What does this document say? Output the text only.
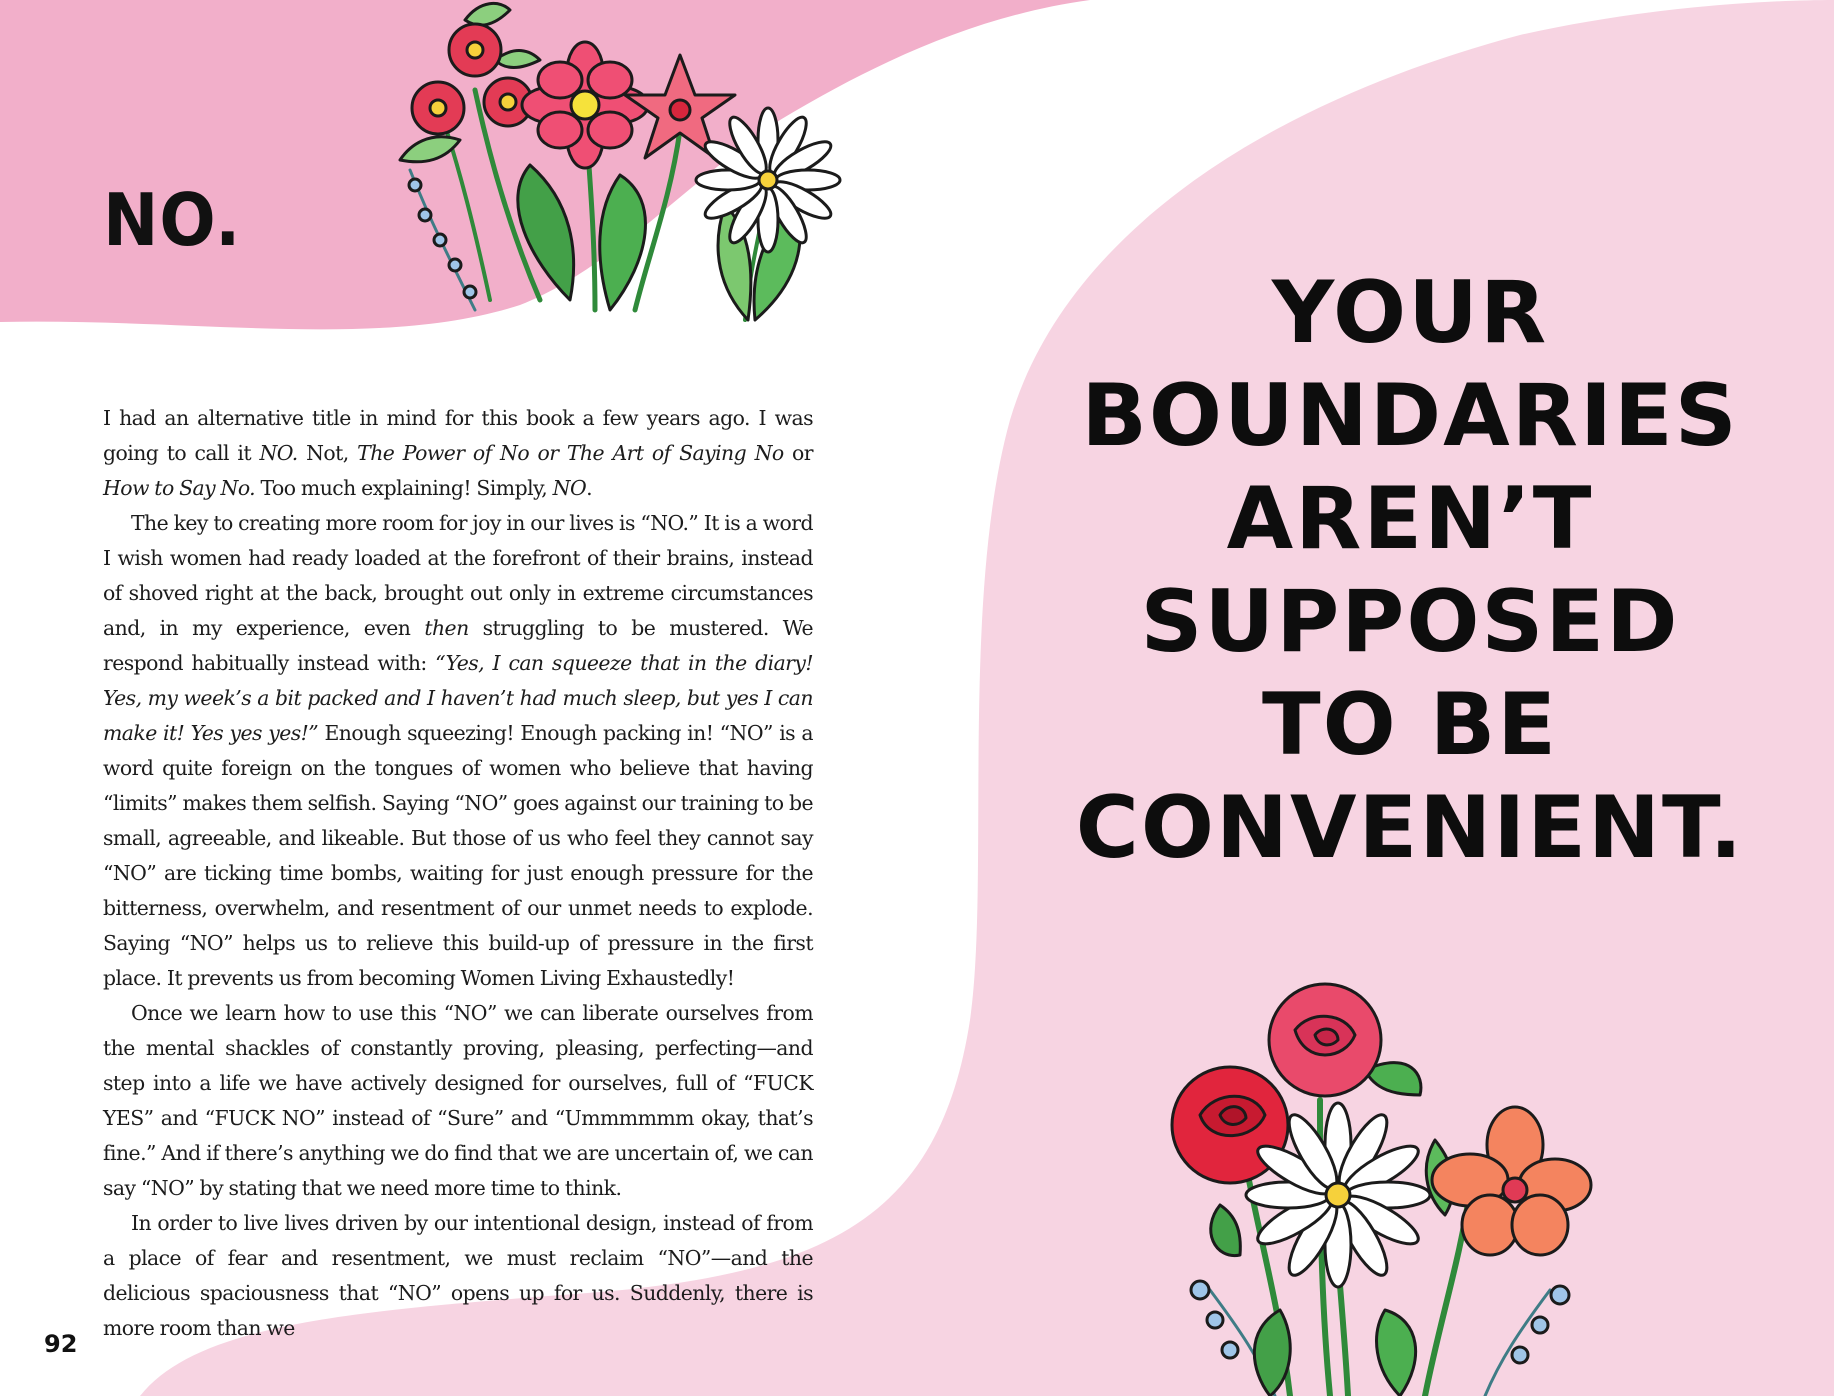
NO.

I had an alternative title in mind for this book a few years ago. I was going to call it NO. Not, The Power of No or The Art of Saying No or How to Say No. Too much explaining! Simply, NO.

The key to creating more room for joy in our lives is “NO.” It is a word I wish women had ready loaded at the forefront of their brains, instead of shoved right at the back, brought out only in extreme circumstances and, in my experience, even then struggling to be mustered. We respond habitually instead with: “Yes, I can squeeze that in the diary! Yes, my week’s a bit packed and I haven’t had much sleep, but yes I can make it! Yes yes yes!” Enough squeezing! Enough packing in! “NO” is a word quite foreign on the tongues of women who believe that having “limits” makes them selfish. Saying “NO” goes against our training to be small, agreeable, and likeable. But those of us who feel they cannot say “NO” are ticking time bombs, waiting for just enough pressure for the bitterness, overwhelm, and resentment of our unmet needs to explode. Saying “NO” helps us to relieve this build-up of pressure in the first place. It prevents us from becoming Women Living Exhaustedly!

Once we learn how to use this “NO” we can liberate ourselves from the mental shackles of constantly proving, pleasing, perfecting—and step into a life we have actively designed for ourselves, full of “FUCK YES” and “FUCK NO” instead of “Sure” and “Ummmmmm okay, that’s fine.” And if there’s anything we do find that we are uncertain of, we can say “NO” by stating that we need more time to think.

In order to live lives driven by our intentional design, instead of from a place of fear and resentment, we must reclaim “NO”—and the delicious spaciousness that “NO” opens up for us. Suddenly, there is more room than we

92
YOUR
BOUNDARIES
AREN’T
SUPPOSED
TO BE
CONVENIENT.
